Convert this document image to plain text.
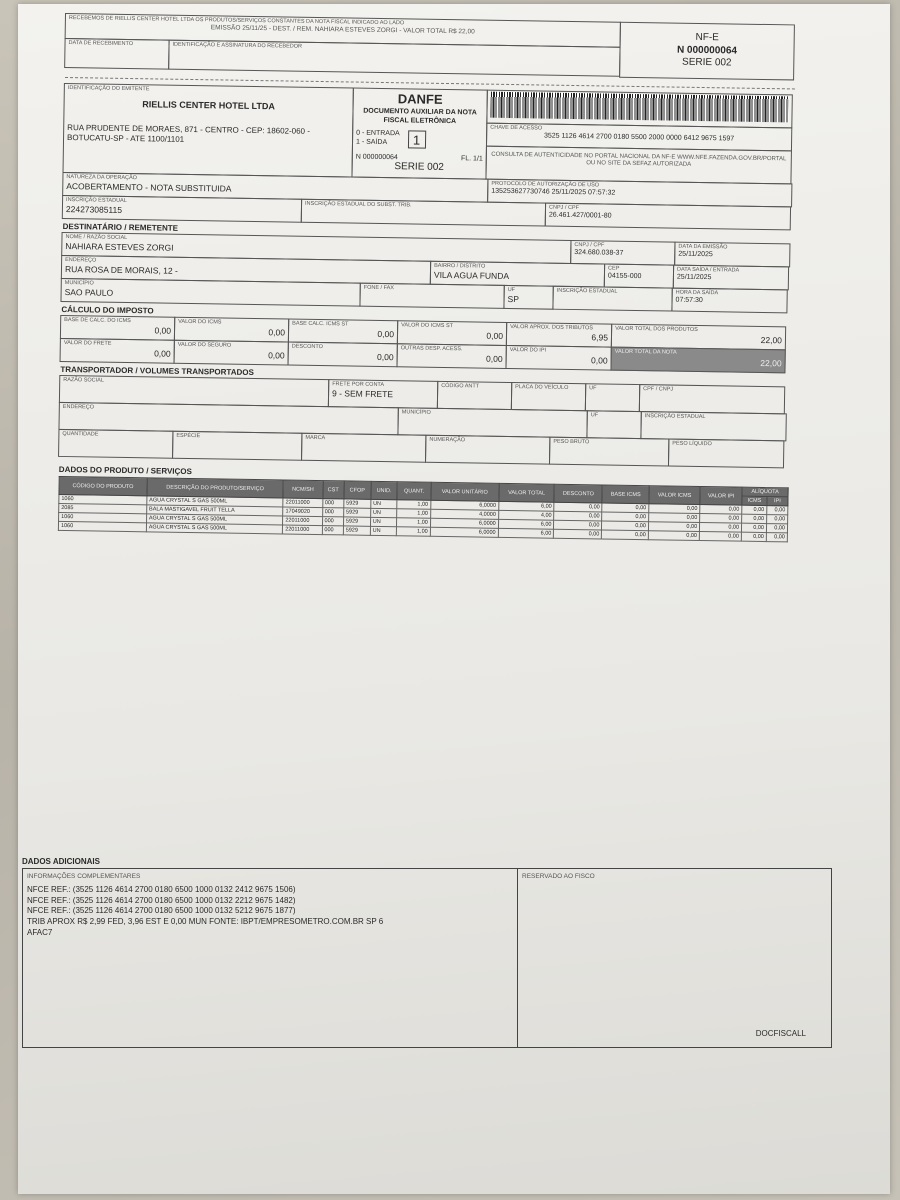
RECEBEMOS DE RIELLIS CENTER HOTEL LTDA OS PRODUTOS/SERVIÇOS CONSTANTES DA NOTA FISCAL INDICADO AO LADO
EMISSÃO 25/11/25 - DEST. / REM. NAHIARA ESTEVES ZORGI - VALOR TOTAL R$ 22,00
DATA DE RECEBIMENTO	IDENTIFICAÇÃO E ASSINATURA DO RECEBEDOR
NF-E
N 000000064
SERIE 002
IDENTIFICAÇÃO DO EMITENTE
RIELLIS CENTER HOTEL LTDA
RUA PRUDENTE DE MORAES, 871 - CENTRO - CEP: 18602-060 - BOTUCATU-SP - ATE 1100/1101
DANFE
DOCUMENTO AUXILIAR DA NOTA FISCAL ELETRÔNICA
0 - ENTRADA
1 - SAÍDA	1
N 000000064	FL. 1/1
SERIE 002
CHAVE DE ACESSO
3525 1126 4614 2700 0180 5500 2000 0000 6412 9675 1597
CONSULTA DE AUTENTICIDADE NO PORTAL NACIONAL DA NF-E WWW.NFE.FAZENDA.GOV.BR/PORTAL OU NO SITE DA SEFAZ AUTORIZADA
NATUREZA DA OPERAÇÃO
ACOBERTAMENTO - NOTA SUBSTITUIDA	PROTOCOLO DE AUTORIZAÇÃO DE USO
135253627730746 25/11/2025 07:57:32
INSCRIÇÃO ESTADUAL
224273085115	INSCRIÇÃO ESTADUAL DO SUBST. TRIB.	CNPJ / CPF
26.461.427/0001-80
DESTINATÁRIO / REMETENTE
NOME / RAZÃO SOCIAL
NAHIARA ESTEVES ZORGI	CNPJ / CPF
324.680.038-37
DATA DA EMISSÃO
25/11/2025
ENDEREÇO
RUA ROSA DE MORAIS, 12 -	BAIRRO / DISTRITO
VILA AGUA FUNDA
CEP
04155-000
DATA SAÍDA / ENTRADA
25/11/2025
MUNICÍPIO
SAO PAULO	FONE / FAX	UF
SP
INSCRIÇÃO ESTADUAL	HORA DA SAÍDA
07:57:30
CÁLCULO DO IMPOSTO
BASE DE CALC. DO ICMS
0,00
VALOR DO ICMS
0,00
BASE CALC. ICMS ST
0,00
VALOR DO ICMS ST
0,00
VALOR APROX. DOS TRIBUTOS
6,95
VALOR TOTAL DOS PRODUTOS
22,00
VALOR DO FRETE
0,00
VALOR DO SEGURO
0,00
DESCONTO
0,00
OUTRAS DESP. ACESS.
0,00
VALOR DO IPI
0,00
VALOR TOTAL DA NOTA
22,00
TRANSPORTADOR / VOLUMES TRANSPORTADOS
RAZÃO SOCIAL
FRETE POR CONTA
9 - SEM FRETE
CÓDIGO ANTT	PLACA DO VEÍCULO	UF	CPF / CNPJ
ENDEREÇO
MUNICÍPIO	UF	INSCRIÇÃO ESTADUAL
QUANTIDADE	ESPÉCIE	MARCA	NUMERAÇÃO	PESO BRUTO	PESO LÍQUIDO
DADOS DO PRODUTO / SERVIÇOS
CÓDIGO DO PRODUTO	DESCRIÇÃO DO PRODUTO/SERVIÇO	NCM/SH	CST	CFOP	UNID.	QUANT.	VALOR UNITÁRIO	VALOR TOTAL	DESCONTO	BASE ICMS	VALOR ICMS	VALOR IPI	ALÍQUOTA	
													ICMS	IPI
1060	AGUA CRYSTAL S GAS 500ML	22011000	000	5929	UN	1,00	6,0000	6,00	0,00	0,00	0,00	0,00	0,00	0,00
2085	BALA MASTIGAVEL FRUIT TELLA	17049020	000	5929	UN	1,00	4,0000	4,00	0,00	0,00	0,00	0,00	0,00	0,00
1060	AGUA CRYSTAL S GAS 500ML	22011000	000	5929	UN	1,00	6,0000	6,00	0,00	0,00	0,00	0,00	0,00	0,00
1060	AGUA CRYSTAL S GAS 500ML	22011000	000	5929	UN	1,00	6,0000	6,00	0,00	0,00	0,00	0,00	0,00	0,00
DADOS ADICIONAIS
INFORMAÇÕES COMPLEMENTARES
NFCE REF.: (3525 1126 4614 2700 0180 6500 1000 0132 2412 9675 1506)
NFCE REF.: (3525 1126 4614 2700 0180 6500 1000 0132 2212 9675 1482)
NFCE REF.: (3525 1126 4614 2700 0180 6500 1000 0132 5212 9675 1877)
TRIB APROX R$ 2,99 FED, 3,96 EST E 0,00 MUN FONTE: IBPT/EMPRESOMETRO.COM.BR SP 6
AFAC7
RESERVADO AO FISCO
DOCFISCALL
